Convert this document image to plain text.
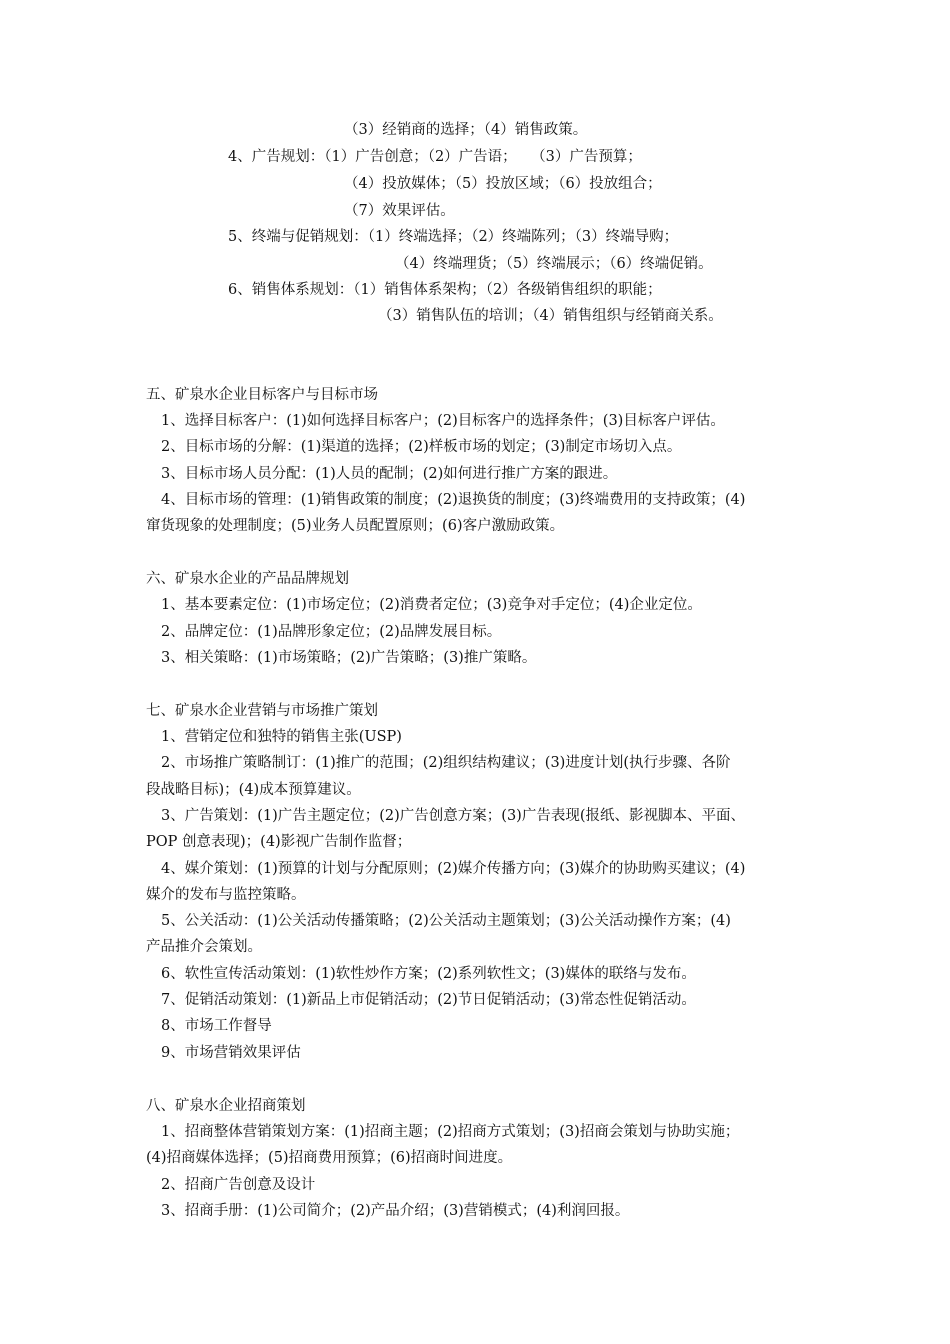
（3）经销商的选择；（4）销售政策。
4、广告规划：（1）广告创意；（2）广告语；　　（3）广告预算；
（4）投放媒体；（5）投放区域；（6）投放组合；
（7）效果评估。
5、终端与促销规划：（1）终端选择；（2）终端陈列；（3）终端导购；
（4）终端理货；（5）终端展示；（6）终端促销。
6、销售体系规划：（1）销售体系架构；（2）各级销售组织的职能；
（3）销售队伍的培训；（4）销售组织与经销商关系。
五、矿泉水企业目标客户与目标市场
1、选择目标客户：(1)如何选择目标客户；(2)目标客户的选择条件；(3)目标客户评估。
2、目标市场的分解：(1)渠道的选择；(2)样板市场的划定；(3)制定市场切入点。
3、目标市场人员分配：(1)人员的配制；(2)如何进行推广方案的跟进。
4、目标市场的管理：(1)销售政策的制度；(2)退换货的制度；(3)终端费用的支持政策；(4)
窜货现象的处理制度；(5)业务人员配置原则；(6)客户激励政策。
六、矿泉水企业的产品品牌规划
1、基本要素定位：(1)市场定位；(2)消费者定位；(3)竞争对手定位；(4)企业定位。
2、品牌定位：(1)品牌形象定位；(2)品牌发展目标。
3、相关策略：(1)市场策略；(2)广告策略；(3)推广策略。
七、矿泉水企业营销与市场推广策划
1、营销定位和独特的销售主张(USP)
2、市场推广策略制订：(1)推广的范围；(2)组织结构建议；(3)进度计划(执行步骤、各阶
段战略目标)；(4)成本预算建议。
3、广告策划：(1)广告主题定位；(2)广告创意方案；(3)广告表现(报纸、影视脚本、平面、
POP 创意表现)；(4)影视广告制作监督；
4、媒介策划：(1)预算的计划与分配原则；(2)媒介传播方向；(3)媒介的协助购买建议；(4)
媒介的发布与监控策略。
5、公关活动：(1)公关活动传播策略；(2)公关活动主题策划；(3)公关活动操作方案；(4)
产品推介会策划。
6、软性宣传活动策划：(1)软性炒作方案；(2)系列软性文；(3)媒体的联络与发布。
7、促销活动策划：(1)新品上市促销活动；(2)节日促销活动；(3)常态性促销活动。
8、市场工作督导
9、市场营销效果评估
八、矿泉水企业招商策划
1、招商整体营销策划方案：(1)招商主题；(2)招商方式策划；(3)招商会策划与协助实施；
(4)招商媒体选择；(5)招商费用预算；(6)招商时间进度。
2、招商广告创意及设计
3、招商手册：(1)公司简介；(2)产品介绍；(3)营销模式；(4)利润回报。
